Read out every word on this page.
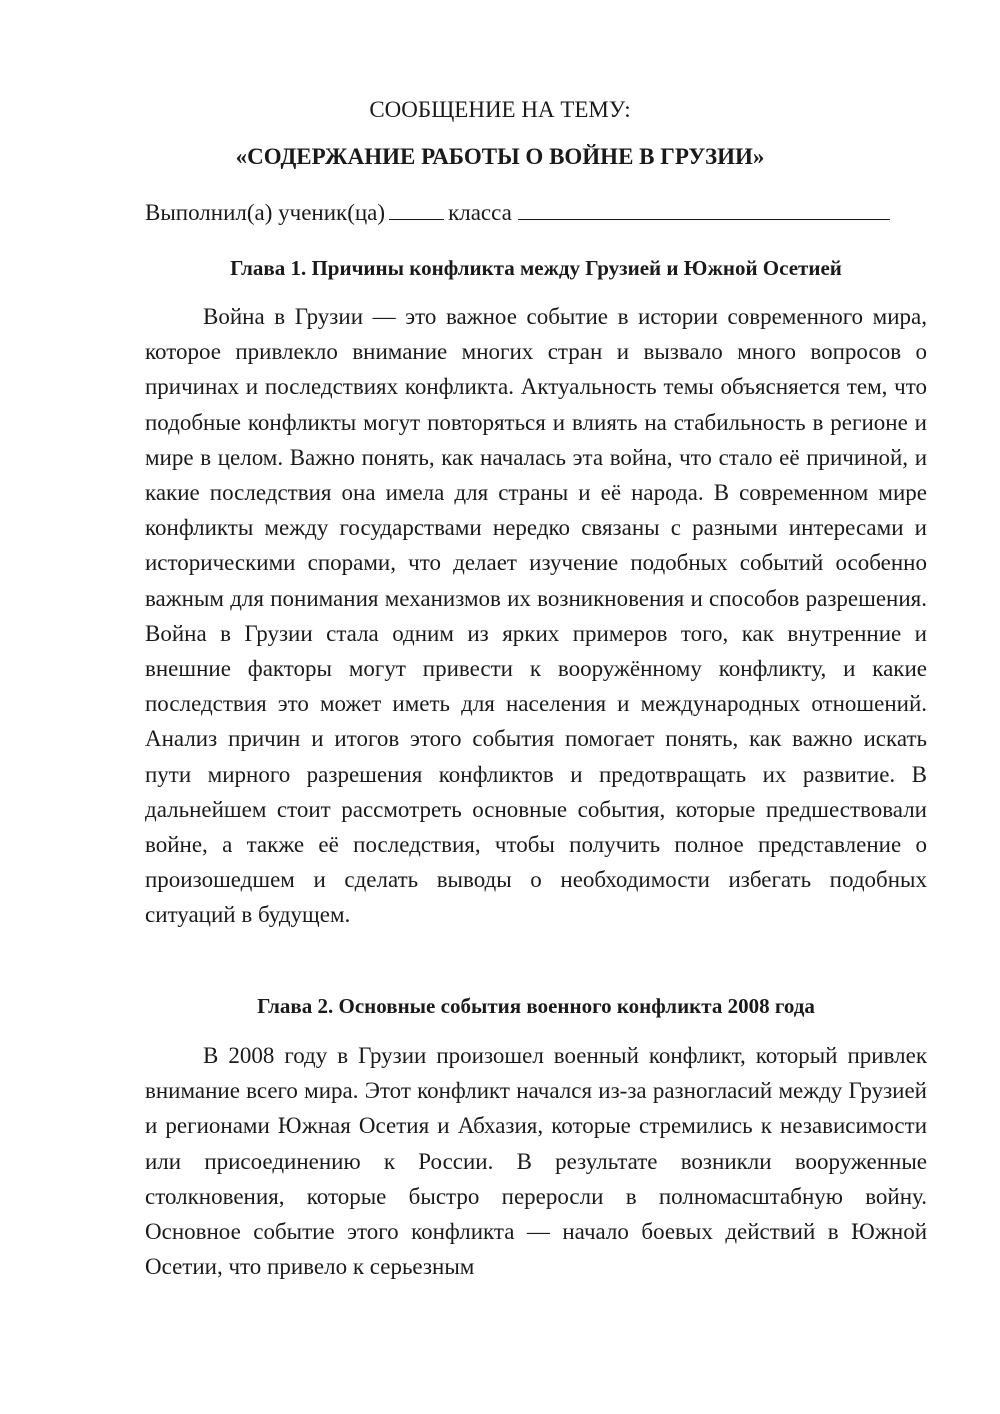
СООБЩЕНИЕ НА ТЕМУ:
«СОДЕРЖАНИЕ РАБОТЫ О ВОЙНЕ В ГРУЗИИ»
Выполнил(а) ученик(ца)	класса
Глава 1. Причины конфликта между Грузией и Южной Осетией

Война в Грузии — это важное событие в истории современного мира, которое привлекло внимание многих стран и вызвало много вопросов о причинах и последствиях конфликта. Актуальность темы объясняется тем, что подобные конфликты могут повторяться и влиять на стабильность в регионе и мире в целом. Важно понять, как началась эта война, что стало её причиной, и какие последствия она имела для страны и её народа. В современном мире конфликты между государствами нередко связаны с разными интересами и историческими спорами, что делает изучение подобных событий особенно важным для понимания механизмов их возникновения и способов разрешения. Война в Грузии стала одним из ярких примеров того, как внутренние и внешние факторы могут привести к вооружённому конфликту, и какие последствия это может иметь для населения и международных отношений. Анализ причин и итогов этого события помогает понять, как важно искать пути мирного разрешения конфликтов и предотвращать их развитие. В дальнейшем стоит рассмотреть основные события, которые предшествовали войне, а также её последствия, чтобы получить полное представление о произошедшем и сделать выводы о необходимости избегать подобных ситуаций в будущем.

Глава 2. Основные события военного конфликта 2008 года

В 2008 году в Грузии произошел военный конфликт, который привлек внимание всего мира. Этот конфликт начался из-за разногласий между Грузией и регионами Южная Осетия и Абхазия, которые стремились к независимости или присоединению к России. В результате возникли вооруженные столкновения, которые быстро переросли в полномасштабную войну. Основное событие этого конфликта — начало боевых действий в Южной Осетии, что привело к серьезным
